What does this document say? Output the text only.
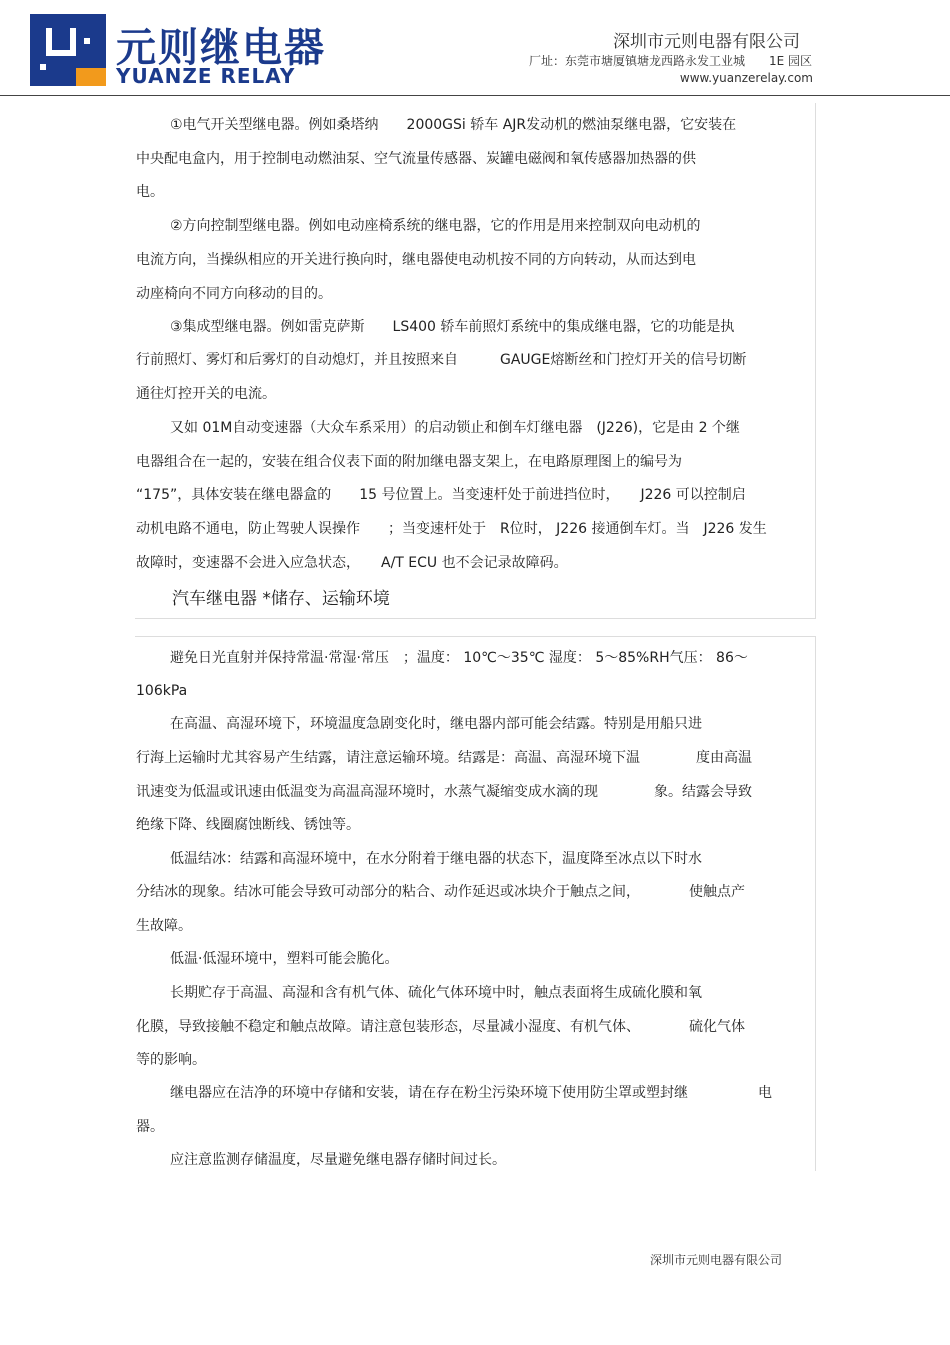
元则继电器
YUANZE RELAY
深圳市元则电器有限公司
厂址：东莞市塘厦镇塘龙西路永发工业城　　1E 园区
www.yuanzerelay.com
①电气开关型继电器。例如桑塔纳　　2000GSi 轿车 AJR发动机的燃油泵继电器，它安装在
中央配电盒内，用于控制电动燃油泵、空气流量传感器、炭罐电磁阀和氧传感器加热器的供
电。
②方向控制型继电器。例如电动座椅系统的继电器，它的作用是用来控制双向电动机的
电流方向，当操纵相应的开关进行换向时，继电器使电动机按不同的方向转动，从而达到电
动座椅向不同方向移动的目的。
③集成型继电器。例如雷克萨斯　　LS400 轿车前照灯系统中的集成继电器，它的功能是执
行前照灯、雾灯和后雾灯的自动熄灯，并且按照来自　　　GAUGE熔断丝和门控灯开关的信号切断
通往灯控开关的电流。
又如 01M自动变速器（大众车系采用）的启动锁止和倒车灯继电器　(J226)，它是由 2 个继
电器组合在一起的，安装在组合仪表下面的附加继电器支架上，在电路原理图上的编号为
“175”，具体安装在继电器盒的　　15 号位置上。当变速杆处于前进挡位时，　　J226 可以控制启
动机电路不通电，防止驾驶人误操作　　；当变速杆处于　R位时， J226 接通倒车灯。当　J226 发生
故障时，变速器不会进入应急状态，　　A/T ECU 也不会记录故障码。
汽车继电器 *储存、运输环境
避免日光直射并保持常温·常湿·常压　；温度： 10℃～35℃ 湿度： 5～85%RH气压： 86～
106kPa
在高温、高湿环境下，环境温度急剧变化时，继电器内部可能会结露。特别是用船只进
行海上运输时尤其容易产生结露，请注意运输环境。结露是：高温、高湿环境下温　　　　度由高温
讯速变为低温或讯速由低温变为高温高湿环境时，水蒸气凝缩变成水滴的现　　　　象。结露会导致
绝缘下降、线圈腐蚀断线、锈蚀等。
低温结冰：结露和高湿环境中，在水分附着于继电器的状态下，温度降至冰点以下时水
分结冰的现象。结冰可能会导致可动部分的粘合、动作延迟或冰块介于触点之间，　　　　使触点产
生故障。
低温·低湿环境中，塑料可能会脆化。
长期贮存于高温、高湿和含有机气体、硫化气体环境中时，触点表面将生成硫化膜和氧
化膜，导致接触不稳定和触点故障。请注意包装形态，尽量减小湿度、有机气体、　　　　硫化气体
等的影响。
继电器应在洁净的环境中存储和安装，请在存在粉尘污染环境下使用防尘罩或塑封继　　　　　电
器。
应注意监测存储温度，尽量避免继电器存储时间过长。
深圳市元则电器有限公司
